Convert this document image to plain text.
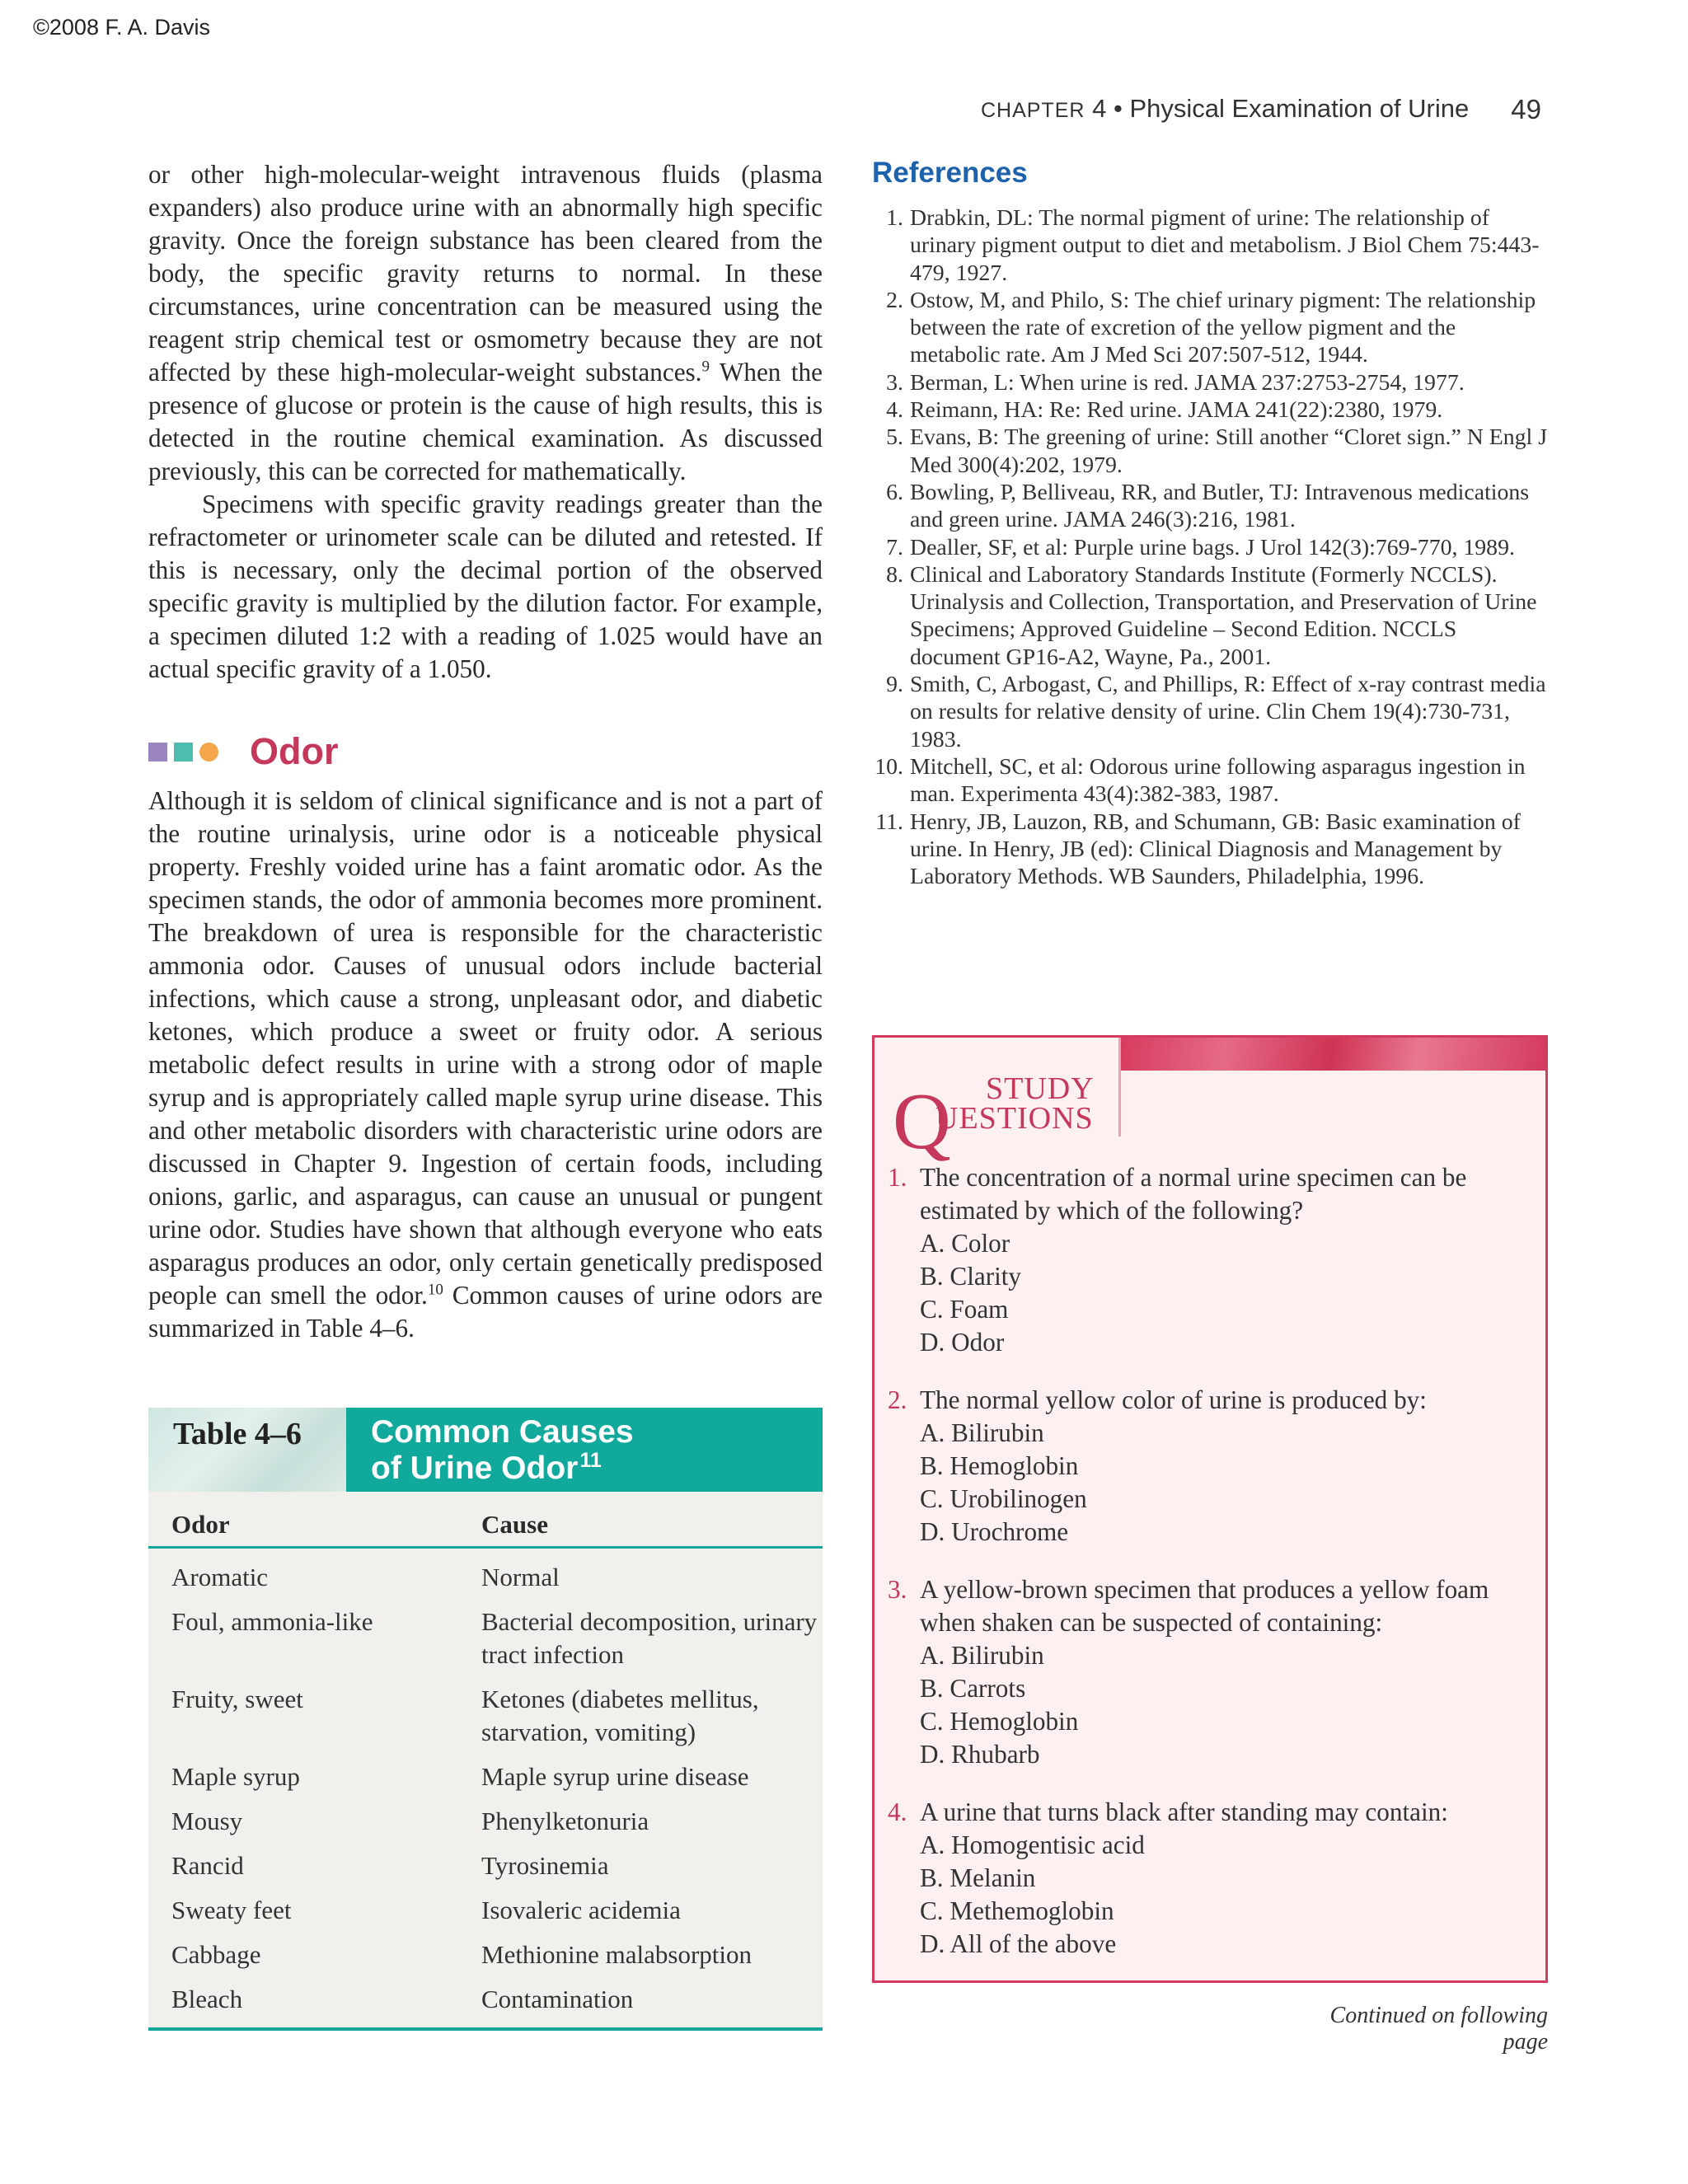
©2008 F. A. Davis
CHAPTER 4 • Physical Examination of Urine 49

or other high-molecular-weight intravenous fluids (plasma expanders) also produce urine with an abnormally high specific gravity. Once the foreign substance has been cleared from the body, the specific gravity returns to normal. In these circumstances, urine concentration can be measured using the reagent strip chemical test or osmometry because they are not affected by these high-molecular-weight substances.$^9$ When the presence of glucose or protein is the cause of high results, this is detected in the routine chemical examination. As discussed previously, this can be corrected for mathematically.
Specimens with specific gravity readings greater than the refractometer or urinometer scale can be diluted and retested. If this is necessary, only the decimal portion of the observed specific gravity is multiplied by the dilution factor. For example, a specimen diluted 1:2 with a reading of 1.025 would have an actual specific gravity of a 1.050.

Odor

Although it is seldom of clinical significance and is not a part of the routine urinalysis, urine odor is a noticeable physical property. Freshly voided urine has a faint aromatic odor. As the specimen stands, the odor of ammonia becomes more prominent. The breakdown of urea is responsible for the characteristic ammonia odor. Causes of unusual odors include bacterial infections, which cause a strong, unpleasant odor, and diabetic ketones, which produce a sweet or fruity odor. A serious metabolic defect results in urine with a strong odor of maple syrup and is appropriately called maple syrup urine disease. This and other metabolic disorders with characteristic urine odors are discussed in Chapter 9. Ingestion of certain foods, including onions, garlic, and asparagus, can cause an unusual or pungent urine odor. Studies have shown that although everyone who eats asparagus produces an odor, only certain genetically predisposed people can smell the odor.$^{10}$ Common causes of urine odors are summarized in Table 4–6.

Table 4–6 Common Causes
of Urine Odor$^{11}$
Odor	Cause
Aromatic	Normal
Foul, ammonia-like	Bacterial decomposition, urinary tract infection
Fruity, sweet	Ketones (diabetes mellitus, starvation, vomiting)
Maple syrup	Maple syrup urine disease
Mousy	Phenylketonuria
Rancid	Tyrosinemia
Sweaty feet	Isovaleric acidemia
Cabbage	Methionine malabsorption
Bleach	Contamination
References
1. Drabkin, DL: The normal pigment of urine: The relationship of urinary pigment output to diet and metabolism. J Biol Chem 75:443-479, 1927.
2. Ostow, M, and Philo, S: The chief urinary pigment: The relationship between the rate of excretion of the yellow pigment and the metabolic rate. Am J Med Sci 207:507-512, 1944.
3. Berman, L: When urine is red. JAMA 237:2753-2754, 1977.
4. Reimann, HA: Re: Red urine. JAMA 241(22):2380, 1979.
5. Evans, B: The greening of urine: Still another “Cloret sign.” N Engl J Med 300(4):202, 1979.
6. Bowling, P, Belliveau, RR, and Butler, TJ: Intravenous medications and green urine. JAMA 246(3):216, 1981.
7. Dealler, SF, et al: Purple urine bags. J Urol 142(3):769-770, 1989.
8. Clinical and Laboratory Standards Institute (Formerly NCCLS). Urinalysis and Collection, Transportation, and Preservation of Urine Specimens; Approved Guideline – Second Edition. NCCLS document GP16-A2, Wayne, Pa., 2001.
9. Smith, C, Arbogast, C, and Phillips, R: Effect of x-ray contrast media on results for relative density of urine. Clin Chem 19(4):730-731, 1983.
10. Mitchell, SC, et al: Odorous urine following asparagus ingestion in man. Experimenta 43(4):382-383, 1987.
11. Henry, JB, Lauzon, RB, and Schumann, GB: Basic examination of urine. In Henry, JB (ed): Clinical Diagnosis and Management by Laboratory Methods. WB Saunders, Philadelphia, 1996.
Q STUDY
UESTIONS
1. The concentration of a normal urine specimen can be estimated by which of the following?
A. Color
B. Clarity
C. Foam
D. Odor
2. The normal yellow color of urine is produced by:
A. Bilirubin
B. Hemoglobin
C. Urobilinogen
D. Urochrome
3. A yellow-brown specimen that produces a yellow foam when shaken can be suspected of containing:
A. Bilirubin
B. Carrots
C. Hemoglobin
D. Rhubarb
4. A urine that turns black after standing may contain:
A. Homogentisic acid
B. Melanin
C. Methemoglobin
D. All of the above
Continued on following page
